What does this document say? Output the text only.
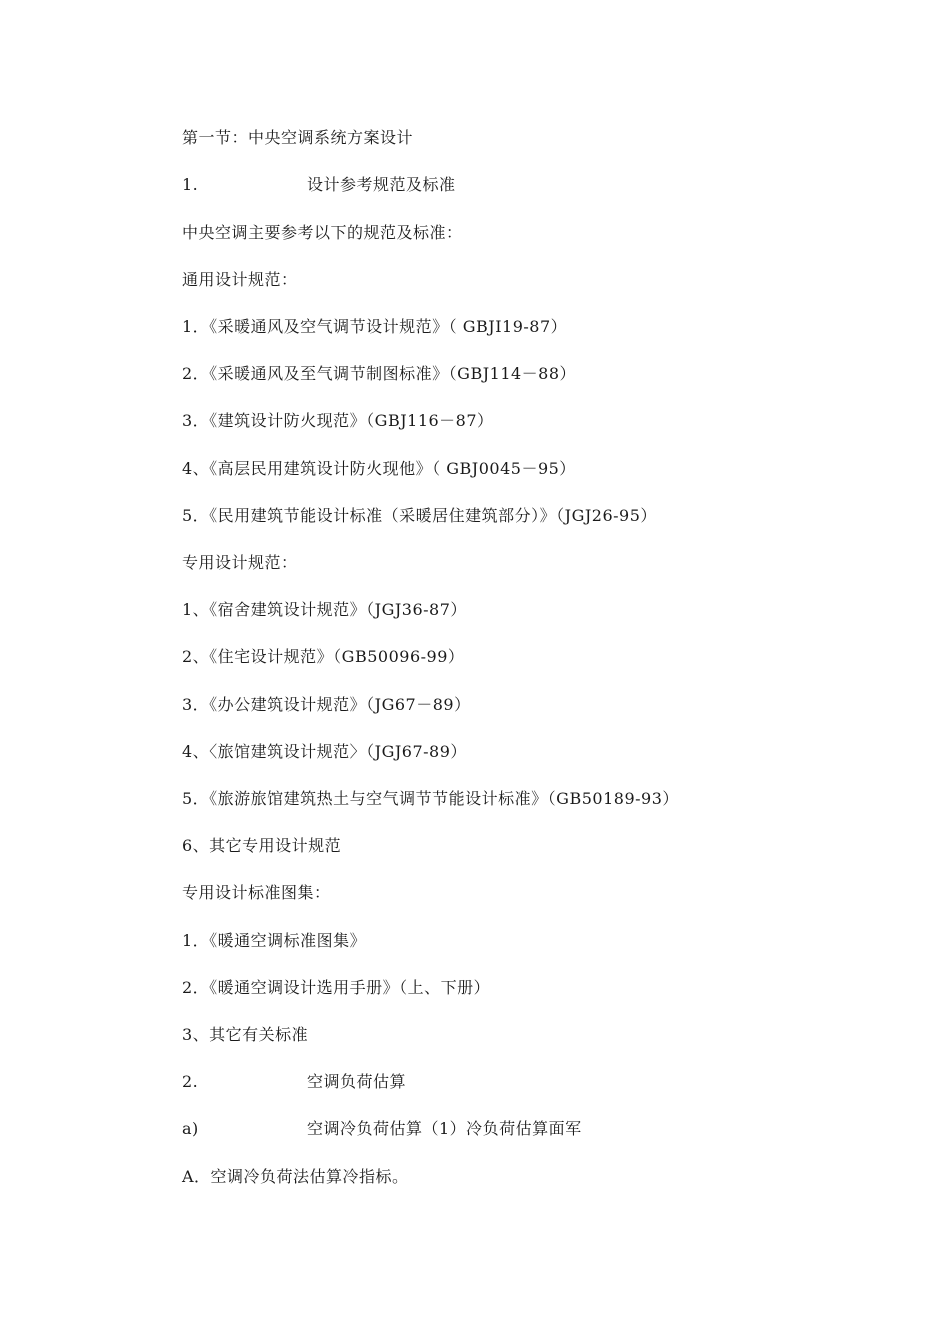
第一节：中央空调系统方案设计
1.	设计参考规范及标准
中央空调主要参考以下的规范及标准：
通用设计规范：
1．《采暖通风及空气调节设计规范》（ GBJI19-87）
2．《采暖通风及至气调节制图标准》（GBJ114－88）
3．《建筑设计防火现范》（GBJ116－87）
4、《高层民用建筑设计防火现他》（ GBJ0045－95）
5．《民用建筑节能设计标准（采暖居住建筑部分）》（JGJ26-95）
专用设计规范：
1、《宿舍建筑设计规范》（JGJ36-87）
2、《住宅设计规范》（GB50096-99）
3．《办公建筑设计规范》（JG67－89）
4、〈旅馆建筑设计规范〉（JGJ67-89）
5．《旅游旅馆建筑热土与空气调节节能设计标准》（GB50189-93）
6、其它专用设计规范
专用设计标准图集：
1．《暖通空调标准图集》
2．《暖通空调设计选用手册》（上、下册）
3、其它有关标准
2.	空调负荷估算
a)	空调冷负荷估算（1）冷负荷估算面军
A．空调冷负荷法估算冷指标。
